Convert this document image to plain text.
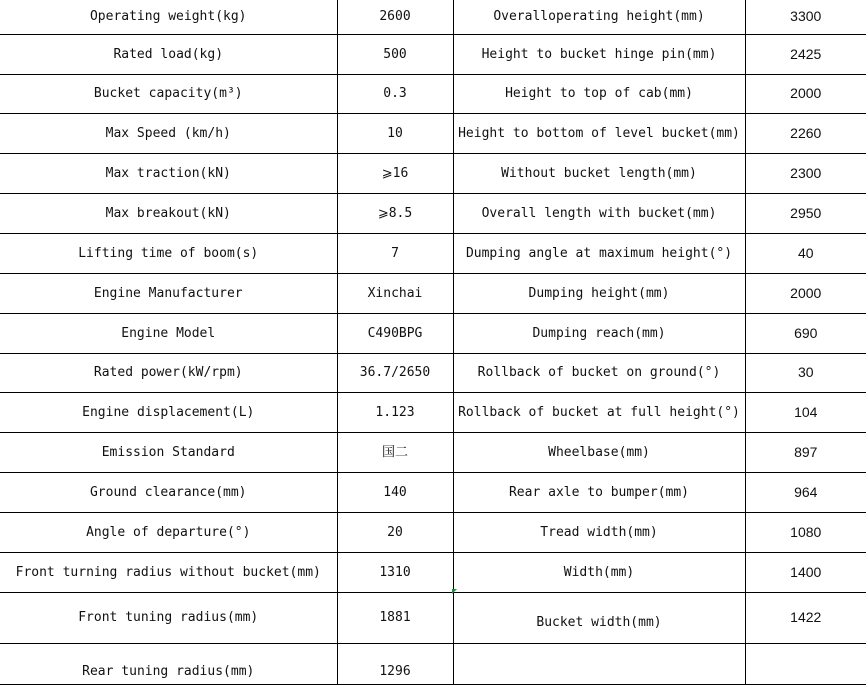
Operating weight(kg)	2600	Overalloperating height(mm)	3300
Rated load(kg)	500	Height to bucket hinge pin(mm)	2425
Bucket capacity(m³)	0.3	Height to top of cab(mm)	2000
Max Speed (km/h)	10	Height to bottom of level bucket(mm)	2260
Max traction(kN)	⩾16	Without bucket length(mm)	2300
Max breakout(kN)	⩾8.5	Overall length with bucket(mm)	2950
Lifting time of boom(s)	7	Dumping angle at maximum height(°)	40
Engine Manufacturer	Xinchai	Dumping height(mm)	2000
Engine Model	C490BPG	Dumping reach(mm)	690
Rated power(kW/rpm)	36.7/2650	Rollback of bucket on ground(°)	30
Engine displacement(L)	1.123	Rollback of bucket at full height(°)	104
Emission Standard	国二	Wheelbase(mm)	897
Ground clearance(mm)	140	Rear axle to bumper(mm)	964
Angle of departure(°)	20	Tread width(mm)	1080
Front turning radius without bucket(mm)	1310	Width(mm)	1400
Front tuning radius(mm)	1881	Bucket width(mm)	1422
Rear tuning radius(mm)	1296		
